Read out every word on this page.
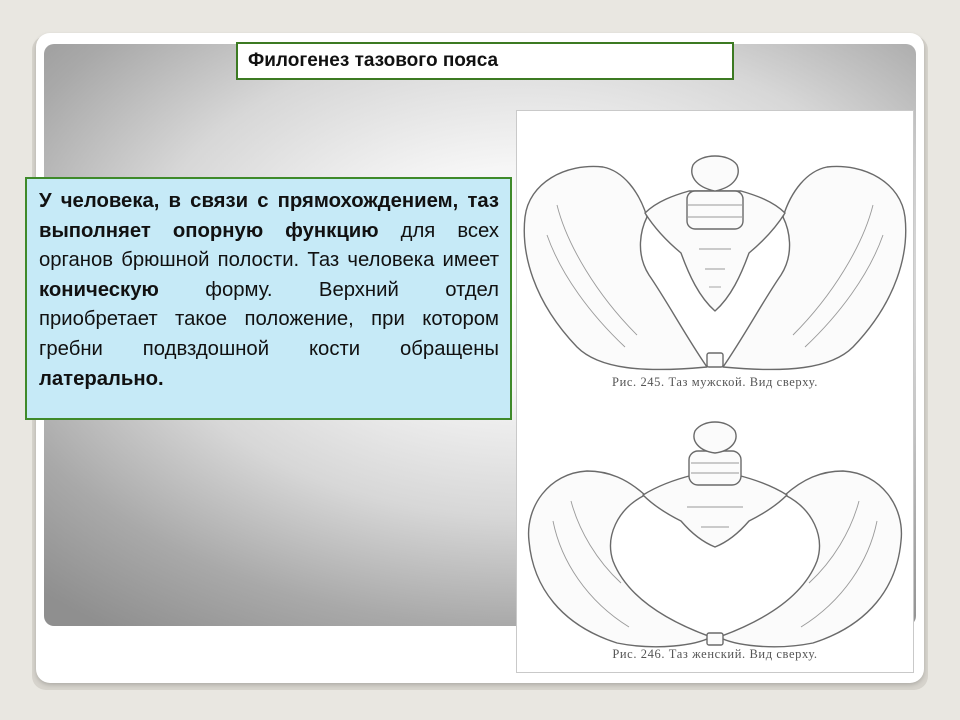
Филогенез тазового пояса
У человека, в связи с прямохождением, таз выполняет опорную функцию для всех органов брюшной полости. Таз человека имеет коническую форму. Верхний отдел приобретает такое положение, при котором гребни подвздошной кости обращены латерально.	Рис. 245. Таз мужской. Вид сверху.
Рис. 246. Таз женский. Вид сверху.
